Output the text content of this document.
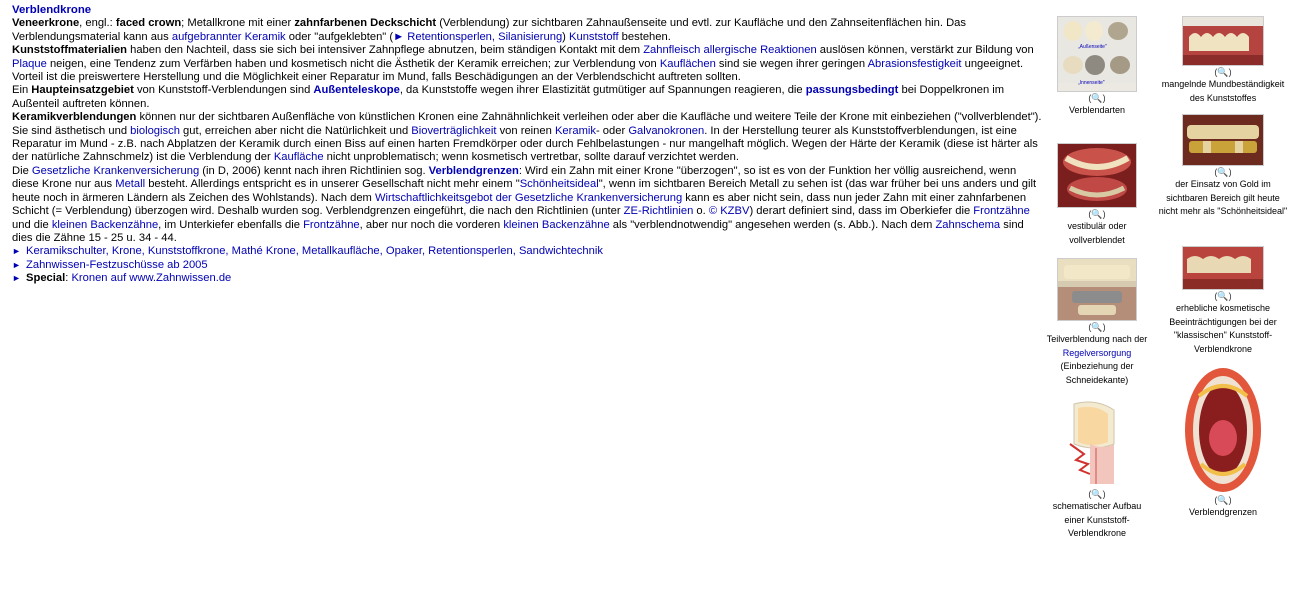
Verblendkrone

Veneerkrone, engl.: faced crown; Metallkrone mit einer zahnfarbenen Deckschicht (Verblendung) zur sichtbaren Zahnaußenseite und evtl. zur Kaufläche und den Zahnseitenflächen hin. Das Verblendungsmaterial kann aus aufgebrannter Keramik oder "aufgeklebten" (► Retentionsperlen, Silanisierung) Kunststoff bestehen.

Kunststoffmaterialien haben den Nachteil, dass sie sich bei intensiver Zahnpflege abnutzen, beim ständigen Kontakt mit dem Zahnfleisch allergische Reaktionen auslösen können, verstärkt zur Bildung von Plaque neigen, eine Tendenz zum Verfärben haben und kosmetisch nicht die Ästhetik der Keramik erreichen; zur Verblendung von Kauflächen sind sie wegen ihrer geringen Abrasionsfestigkeit ungeeignet. Vorteil ist die preiswertere Herstellung und die Möglichkeit einer Reparatur im Mund, falls Beschädigungen an der Verblendschicht auftreten sollten.

Ein Haupteinsatzgebiet von Kunststoff-Verblendungen sind Außenteleskope, da Kunststoffe wegen ihrer Elastizität gutmütiger auf Spannungen reagieren, die passungsbedingt bei Doppelkronen im Außenteil auftreten können.

Keramikverblendungen können nur der sichtbaren Außenfläche von künstlichen Kronen eine Zahnähnlichkeit verleihen oder aber die Kaufläche und weitere Teile der Krone mit einbeziehen ("vollverblendet"). Sie sind ästhetisch und biologisch gut, erreichen aber nicht die Natürlichkeit und Bioverträglichkeit von reinen Keramik- oder Galvanokronen. In der Herstellung teurer als Kunststoffverblendungen, ist eine Reparatur im Mund - z.B. nach Abplatzen der Keramik durch einen Biss auf einen harten Fremdkörper oder durch Fehlbelastungen - nur mangelhaft möglich. Wegen der Härte der Keramik (diese ist härter als der natürliche Zahnschmelz) ist die Verblendung der Kaufläche nicht unproblematisch; wenn kosmetisch vertretbar, sollte darauf verzichtet werden.

Die Gesetzliche Krankenversicherung (in D, 2006) kennt nach ihren Richtlinien sog. Verblendgrenzen: Wird ein Zahn mit einer Krone "überzogen", so ist es von der Funktion her völlig ausreichend, wenn diese Krone nur aus Metall besteht. Allerdings entspricht es in unserer Gesellschaft nicht mehr einem "Schönheitsideal", wenn im sichtbaren Bereich Metall zu sehen ist (das war früher bei uns anders und gilt heute noch in ärmeren Ländern als Zeichen des Wohlstands). Nach dem Wirtschaftlichkeitsgebot der Gesetzliche Krankenversicherung kann es aber nicht sein, dass nun jeder Zahn mit einer zahnfarbenen Schicht (= Verblendung) überzogen wird. Deshalb wurden sog. Verblendgrenzen eingeführt, die nach den Richtlinien (unter ZE-Richtlinien o. © KZBV) derart definiert sind, dass im Oberkiefer die Frontzähne und die kleinen Backenzähne, im Unterkiefer ebenfalls die Frontzähne, aber nur noch die vorderen kleinen Backenzähne als "verblendnotwendig" angesehen werden (s. Abb.). Nach dem Zahnschema sind dies die Zähne 15 - 25 u. 34 - 44.

► Keramikschulter, Krone, Kunststoffkrone, Mathé Krone, Metallkaufläche, Opaker, Retentionsperlen, Sandwichtechnik

► Zahnwissen-Festzuschüsse ab 2005

► Special: Kronen auf www.Zahnwissen.de

„Außenseite"
„Innenseite"
(🔍)
Verblendarten
(🔍)
mangelnde Mundbeständigkeit des Kunststoffes
(🔍)
vestibulär oder vollverblendet
(🔍)
der Einsatz von Gold im sichtbaren Bereich gilt heute nicht mehr als "Schönheitsideal"
(🔍)
Teilverblendung nach der Regelversorgung (Einbeziehung der Schneidekante)
(🔍)
erhebliche kosmetische Beeinträchtigungen bei der "klassischen" Kunststoff-Verblendkrone
(🔍)
schematischer Aufbau einer Kunststoff-Verblendkrone
(🔍)
Verblendgrenzen
